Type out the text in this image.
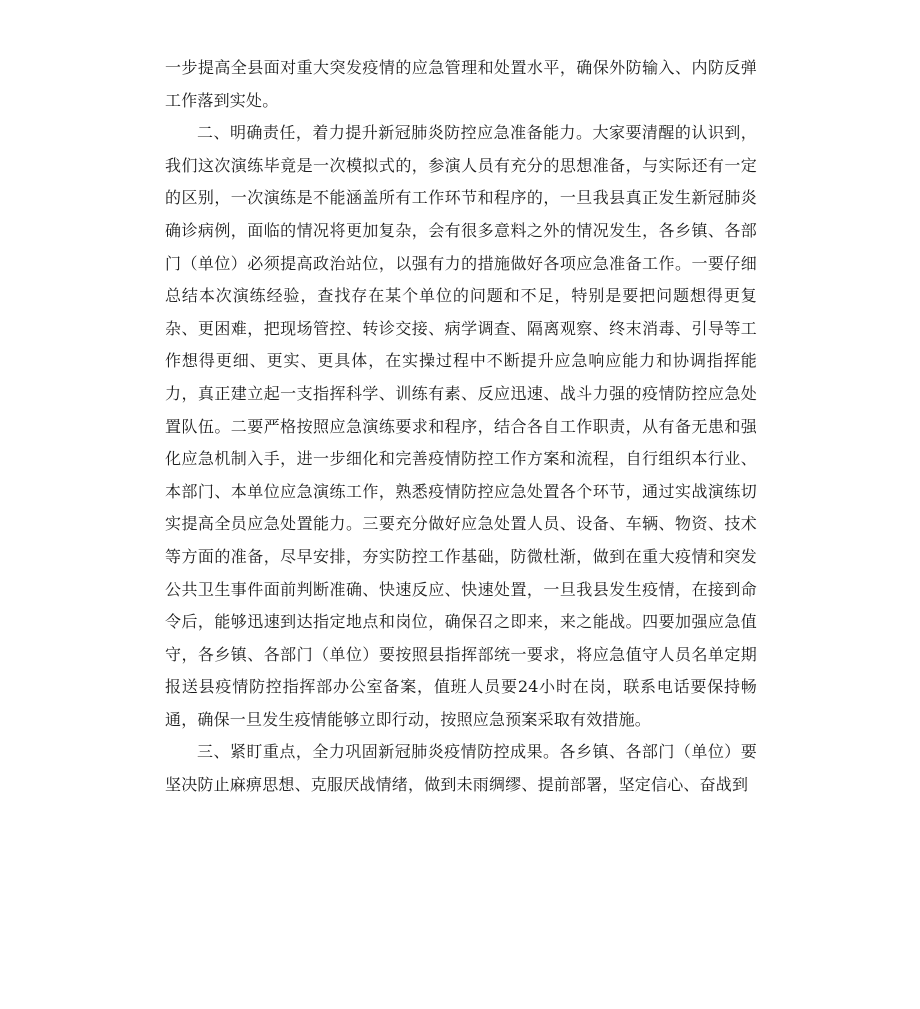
一步提高全县面对重大突发疫情的应急管理和处置水平，确保外防输入、内防反弹工作落到实处。

二、明确责任，着力提升新冠肺炎防控应急准备能力。大家要清醒的认识到，我们这次演练毕竟是一次模拟式的，参演人员有充分的思想准备，与实际还有一定的区别，一次演练是不能涵盖所有工作环节和程序的，一旦我县真正发生新冠肺炎确诊病例，面临的情况将更加复杂，会有很多意料之外的情况发生，各乡镇、各部门（单位）必须提高政治站位，以强有力的措施做好各项应急准备工作。一要仔细总结本次演练经验，查找存在某个单位的问题和不足，特别是要把问题想得更复杂、更困难，把现场管控、转诊交接、病学调查、隔离观察、终末消毒、引导等工作想得更细、更实、更具体，在实操过程中不断提升应急响应能力和协调指挥能力，真正建立起一支指挥科学、训练有素、反应迅速、战斗力强的疫情防控应急处置队伍。二要严格按照应急演练要求和程序，结合各自工作职责，从有备无患和强化应急机制入手，进一步细化和完善疫情防控工作方案和流程，自行组织本行业、本部门、本单位应急演练工作，熟悉疫情防控应急处置各个环节，通过实战演练切实提高全员应急处置能力。三要充分做好应急处置人员、设备、车辆、物资、技术等方面的准备，尽早安排，夯实防控工作基础，防微杜渐，做到在重大疫情和突发公共卫生事件面前判断准确、快速反应、快速处置，一旦我县发生疫情，在接到命令后，能够迅速到达指定地点和岗位，确保召之即来，来之能战。四要加强应急值守，各乡镇、各部门（单位）要按照县指挥部统一要求，将应急值守人员名单定期报送县疫情防控指挥部办公室备案，值班人员要24小时在岗，联系电话要保持畅通，确保一旦发生疫情能够立即行动，按照应急预案采取有效措施。

三、紧盯重点，全力巩固新冠肺炎疫情防控成果。各乡镇、各部门（单位）要坚决防止麻痹思想、克服厌战情绪，做到未雨绸缪、提前部署，坚定信心、奋战到
